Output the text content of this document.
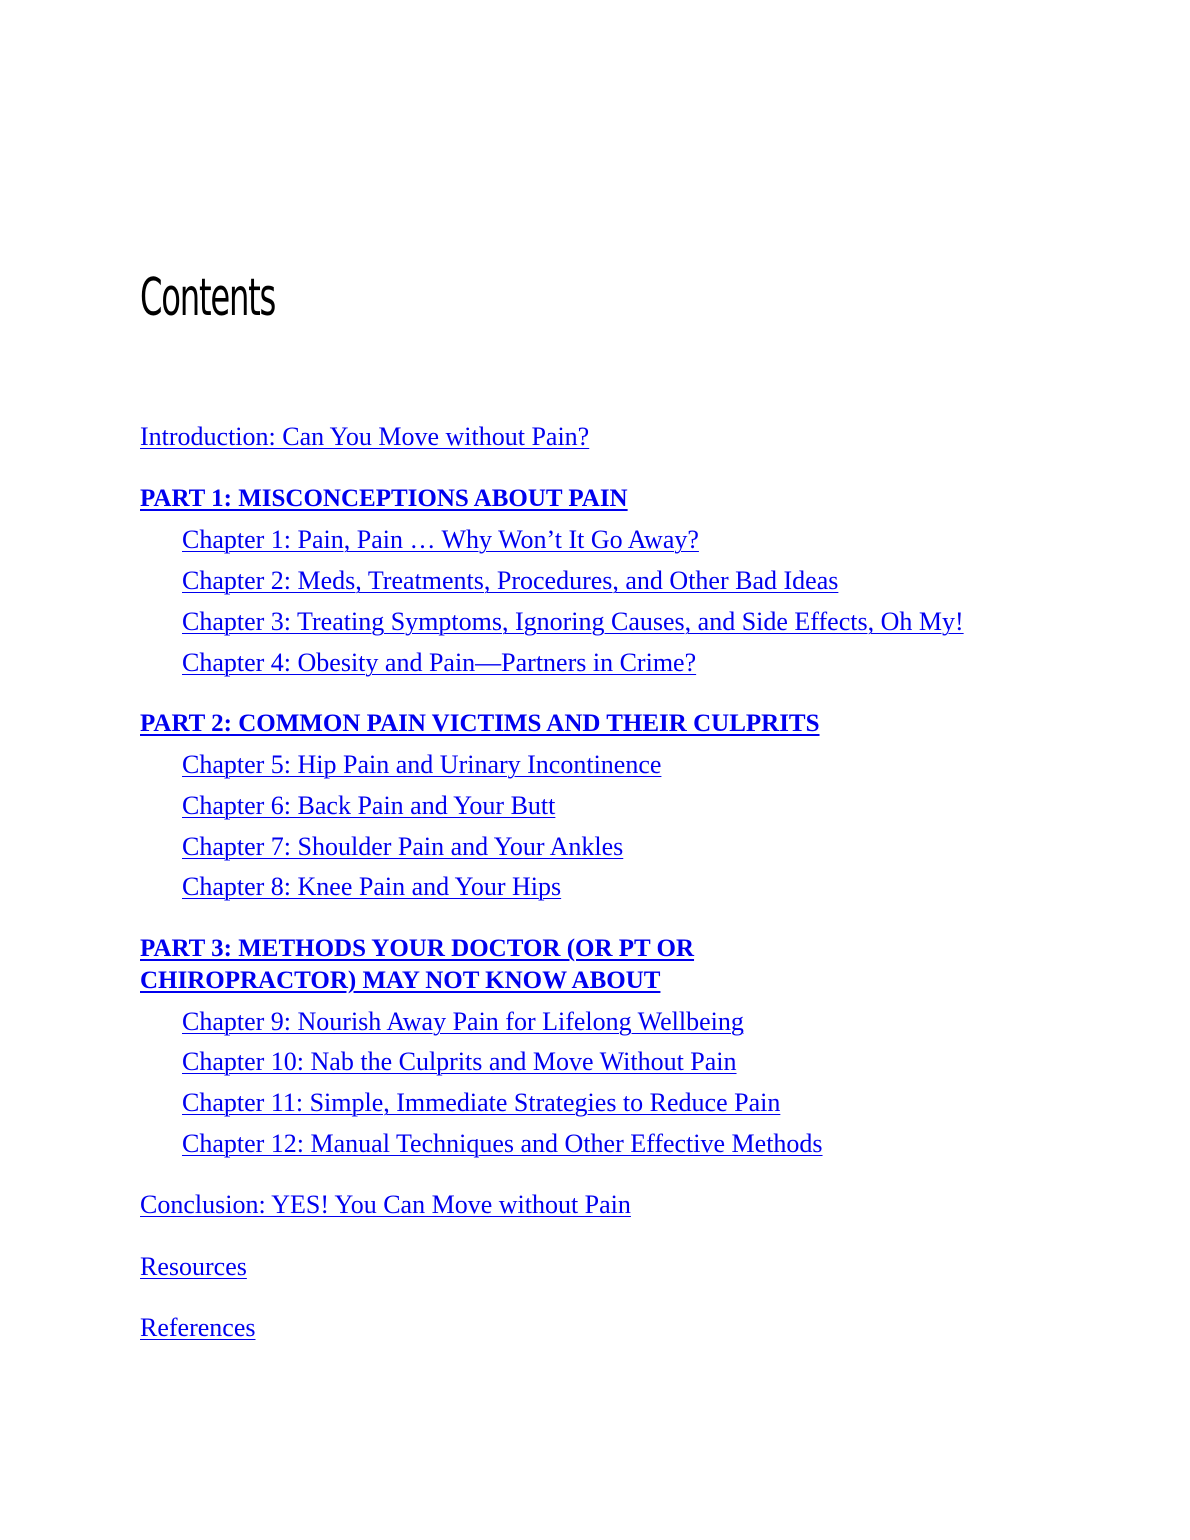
Contents
Introduction: Can You Move without Pain?
PART 1: MISCONCEPTIONS ABOUT PAIN
Chapter 1: Pain, Pain … Why Won’t It Go Away?
Chapter 2: Meds, Treatments, Procedures, and Other Bad Ideas
Chapter 3: Treating Symptoms, Ignoring Causes, and Side Effects, Oh My!
Chapter 4: Obesity and Pain—Partners in Crime?
PART 2: COMMON PAIN VICTIMS AND THEIR CULPRITS
Chapter 5: Hip Pain and Urinary Incontinence
Chapter 6: Back Pain and Your Butt
Chapter 7: Shoulder Pain and Your Ankles
Chapter 8: Knee Pain and Your Hips
PART 3: METHODS YOUR DOCTOR (OR PT OR
CHIROPRACTOR) MAY NOT KNOW ABOUT
Chapter 9: Nourish Away Pain for Lifelong Wellbeing
Chapter 10: Nab the Culprits and Move Without Pain
Chapter 11: Simple, Immediate Strategies to Reduce Pain
Chapter 12: Manual Techniques and Other Effective Methods
Conclusion: YES! You Can Move without Pain
Resources
References
